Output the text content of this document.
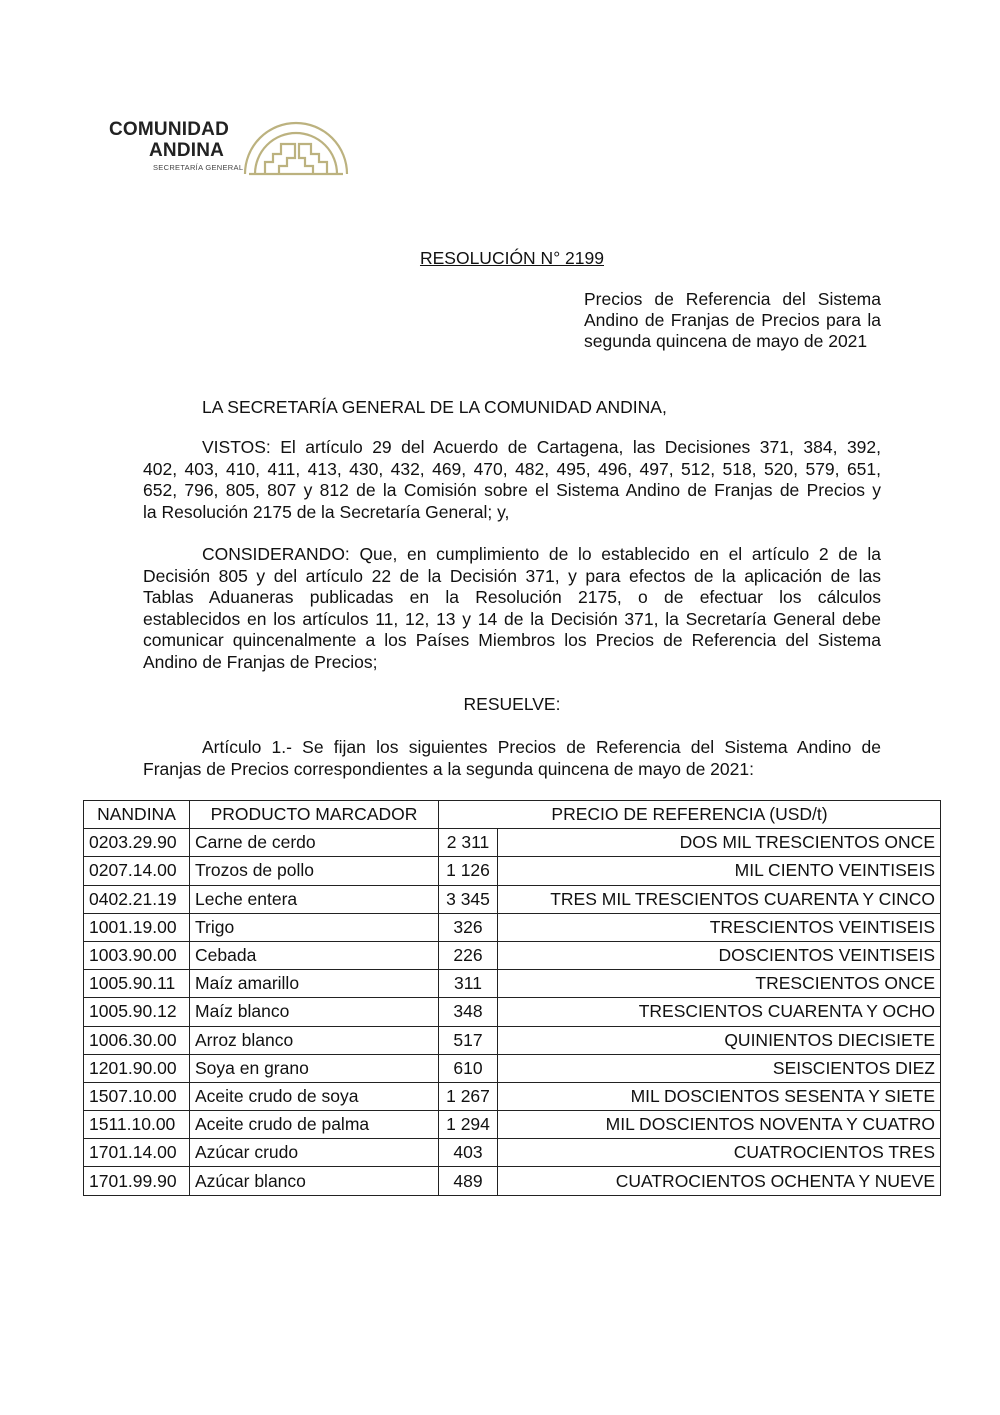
COMUNIDAD
ANDINA
SECRETARÍA GENERAL
RESOLUCIÓN N° 2199
Precios de Referencia del Sistema
Andino de Franjas de Precios para la
segunda quincena de mayo de 2021
LA SECRETARÍA GENERAL DE LA COMUNIDAD ANDINA,
VISTOS: El artículo 29 del Acuerdo de Cartagena, las Decisiones 371, 384, 392,
402, 403, 410, 411, 413, 430, 432, 469, 470, 482, 495, 496, 497, 512, 518, 520, 579, 651,
652, 796, 805, 807 y 812 de la Comisión sobre el Sistema Andino de Franjas de Precios y
la Resolución 2175 de la Secretaría General; y,
CONSIDERANDO: Que, en cumplimiento de lo establecido en el artículo 2 de la
Decisión 805 y del artículo 22 de la Decisión 371, y para efectos de la aplicación de las
Tablas Aduaneras publicadas en la Resolución 2175, o de efectuar los cálculos
establecidos en los artículos 11, 12, 13 y 14 de la Decisión 371, la Secretaría General debe
comunicar quincenalmente a los Países Miembros los Precios de Referencia del Sistema
Andino de Franjas de Precios;
RESUELVE:
Artículo 1.- Se fijan los siguientes Precios de Referencia del Sistema Andino de
Franjas de Precios correspondientes a la segunda quincena de mayo de 2021:
NANDINA	PRODUCTO MARCADOR	PRECIO DE REFERENCIA (USD/t)	
0203.29.90	Carne de cerdo	2 311	DOS MIL TRESCIENTOS ONCE
0207.14.00	Trozos de pollo	1 126	MIL CIENTO VEINTISEIS
0402.21.19	Leche entera	3 345	TRES MIL TRESCIENTOS CUARENTA Y CINCO
1001.19.00	Trigo	326	TRESCIENTOS VEINTISEIS
1003.90.00	Cebada	226	DOSCIENTOS VEINTISEIS
1005.90.11	Maíz amarillo	311	TRESCIENTOS ONCE
1005.90.12	Maíz blanco	348	TRESCIENTOS CUARENTA Y OCHO
1006.30.00	Arroz blanco	517	QUINIENTOS DIECISIETE
1201.90.00	Soya en grano	610	SEISCIENTOS DIEZ
1507.10.00	Aceite crudo de soya	1 267	MIL DOSCIENTOS SESENTA Y SIETE
1511.10.00	Aceite crudo de palma	1 294	MIL DOSCIENTOS NOVENTA Y CUATRO
1701.14.00	Azúcar crudo	403	CUATROCIENTOS TRES
1701.99.90	Azúcar blanco	489	CUATROCIENTOS OCHENTA Y NUEVE
